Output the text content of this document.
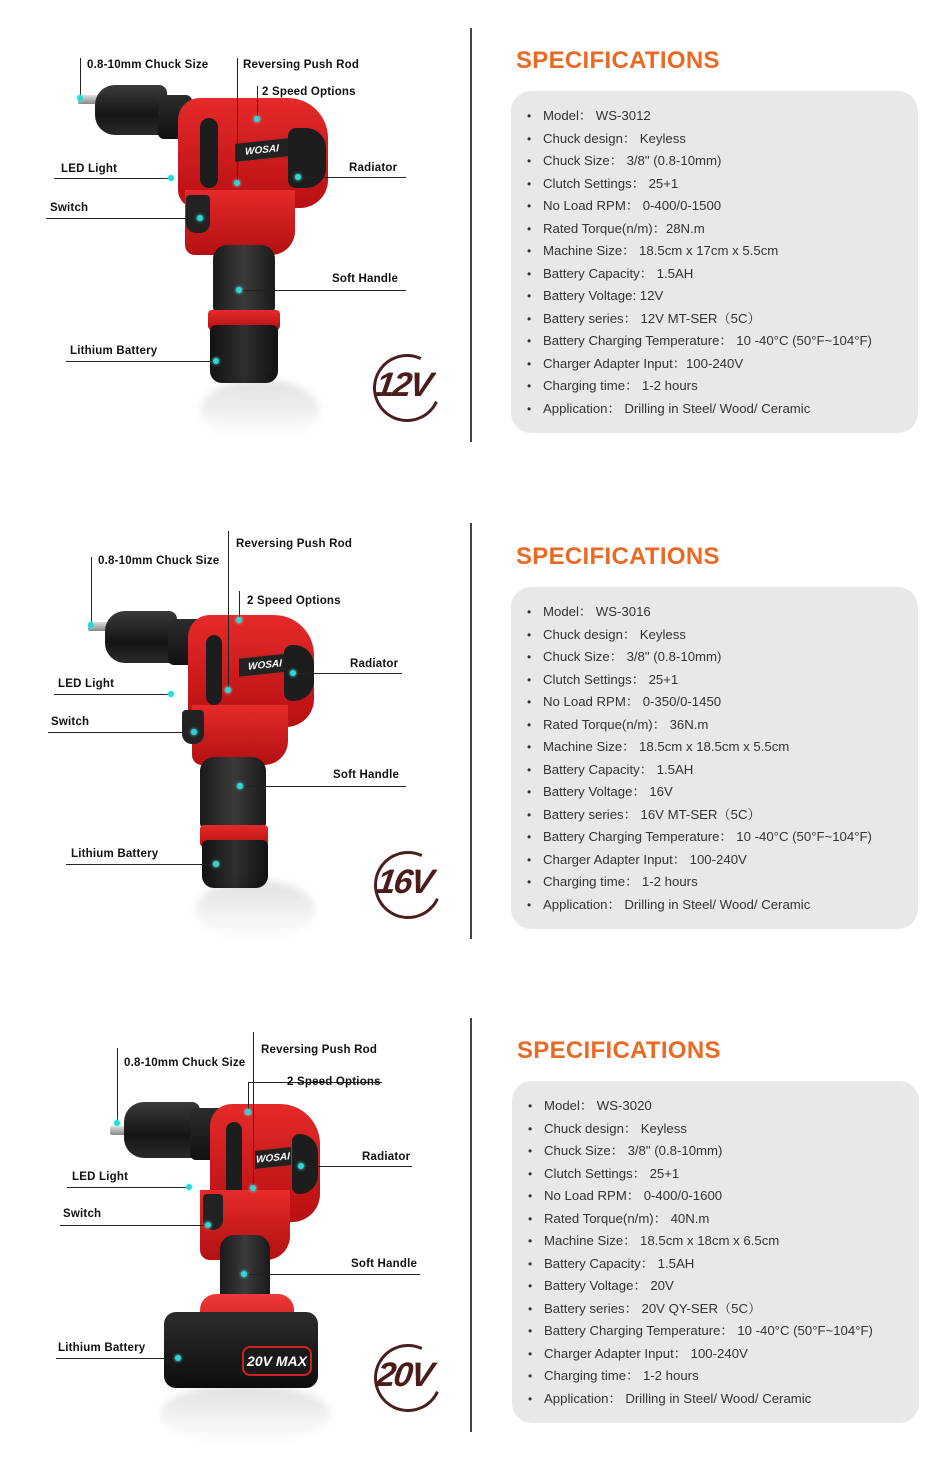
WOSAI
0.8-10mm Chuck Size	Reversing Push Rod
2 Speed Options
LED Light	Radiator
Switch
Soft Handle
Lithium Battery
12V
SPECIFICATIONS
• Model： WS-3012
• Chuck design： Keyless
• Chuck Size： 3/8" (0.8-10mm)
• Clutch Settings： 25+1
• No Load RPM： 0-400/0-1500
• Rated Torque(n/m)：28N.m
• Machine Size： 18.5cm x 17cm x 5.5cm
• Battery Capacity： 1.5AH
• Battery Voltage: 12V
• Battery series： 12V MT-SER（5C）
• Battery Charging Temperature： 10 -40°C (50°F~104°F)
• Charger Adapter Input：100-240V
• Charging time： 1-2 hours
• Application： Drilling in Steel/ Wood/ Ceramic
WOSAI
0.8-10mm Chuck Size
Reversing Push Rod
2 Speed Options
LED Light
Radiator
Switch
Soft Handle
Lithium Battery
16V
SPECIFICATIONS
• Model： WS-3016
• Chuck design： Keyless
• Chuck Size： 3/8" (0.8-10mm)
• Clutch Settings： 25+1
• No Load RPM： 0-350/0-1450
• Rated Torque(n/m)： 36N.m
• Machine Size： 18.5cm x 18.5cm x 5.5cm
• Battery Capacity： 1.5AH
• Battery Voltage： 16V
• Battery series： 16V MT-SER（5C）
• Battery Charging Temperature： 10 -40°C (50°F~104°F)
• Charger Adapter Input： 100-240V
• Charging time： 1-2 hours
• Application： Drilling in Steel/ Wood/ Ceramic
WOSAI
20V MAX
0.8-10mm Chuck Size
Reversing Push Rod
2 Speed Options
LED Light
Radiator
Switch
Soft Handle
Lithium Battery
20V
SPECIFICATIONS
• Model： WS-3020
• Chuck design： Keyless
• Chuck Size： 3/8" (0.8-10mm)
• Clutch Settings： 25+1
• No Load RPM： 0-400/0-1600
• Rated Torque(n/m)： 40N.m
• Machine Size： 18.5cm x 18cm x 6.5cm
• Battery Capacity： 1.5AH
• Battery Voltage： 20V
• Battery series： 20V QY-SER（5C）
• Battery Charging Temperature： 10 -40°C (50°F~104°F)
• Charger Adapter Input： 100-240V
• Charging time： 1-2 hours
• Application： Drilling in Steel/ Wood/ Ceramic
